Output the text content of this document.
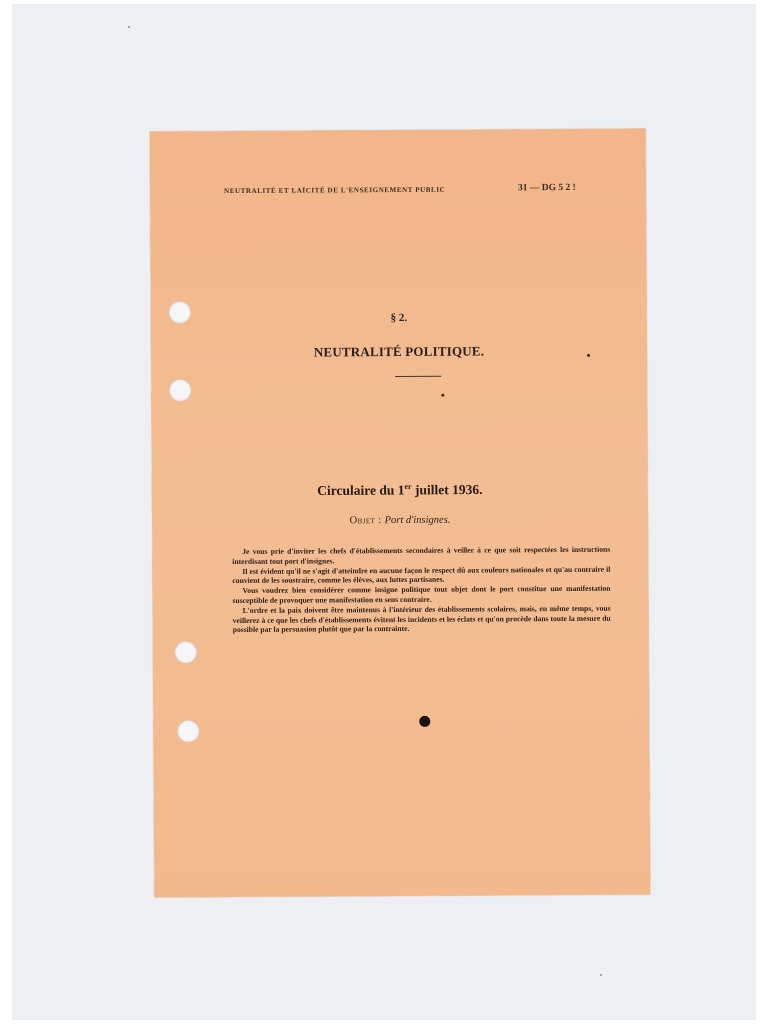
NEUTRALITÉ ET LAÏCITÉ DE L'ENSEIGNEMENT PUBLIC	31 — DG 5 2 !
§ 2.
NEUTRALITÉ POLITIQUE.
Circulaire du 1er juillet 1936.
Objet : Port d'insignes.

Je vous prie d'inviter les chefs d'établissements secondaires à veiller à ce que soit respectées les instructions interdisant tout port d'insignes.

Il est évident qu'il ne s'agit d'atteindre en aucune façon le respect dû aux couleurs nationales et qu'au contraire il convient de les soustraire, comme les élèves, aux luttes partisanes.

Vous voudrez bien considérer comme insigne politique tout objet dont le port constitue une manifestation susceptible de provoquer une manifestation en sens contraire.

L'ordre et la paix doivent être maintenus à l'intérieur des établissements scolaires, mais, en même temps, vous veillerez à ce que les chefs d'établissements évitent les incidents et les éclats et qu'on procède dans toute la mesure du possible par la persuasion plutôt que par la contrainte.
